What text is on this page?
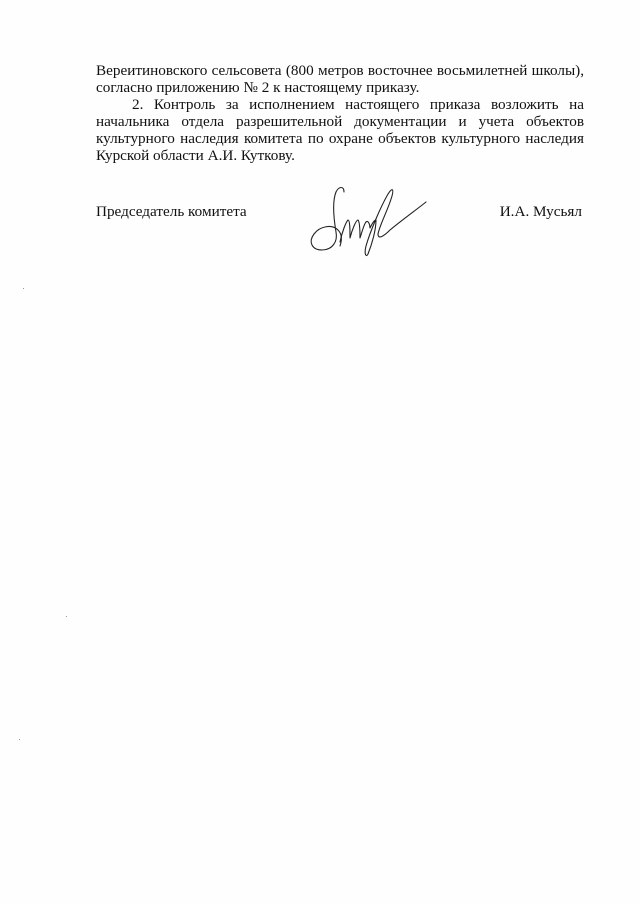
Вереитиновского сельсовета (800 метров восточнее восьмилетней школы),
согласно приложению № 2 к настоящему приказу.
2. Контроль за исполнением настоящего приказа возложить на
начальника отдела разрешительной документации и учета объектов
культурного наследия комитета по охране объектов культурного наследия
Курской области А.И. Куткову.
Председатель комитета	И.А. Мусьял
